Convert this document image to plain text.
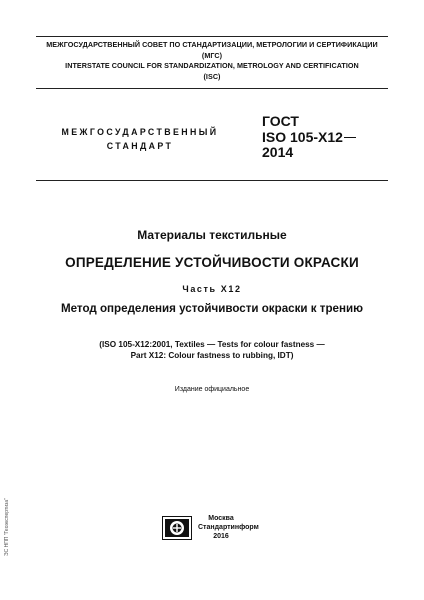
МЕЖГОСУДАРСТВЕННЫЙ СОВЕТ ПО СТАНДАРТИЗАЦИИ, МЕТРОЛОГИИ И СЕРТИФИКАЦИИ
(МГС)
INTERSTATE COUNCIL FOR STANDARDIZATION, METROLOGY AND CERTIFICATION
(ISC)
МЕЖГОСУДАРСТВЕННЫЙ
СТАНДАРТ
ГОСТ
ISO 105-X12
2014
Материалы текстильные
ОПРЕДЕЛЕНИЕ УСТОЙЧИВОСТИ ОКРАСКИ
Часть X12
Метод определения устойчивости окраски к трению
(ISO 105-X12:2001, Textiles — Tests for colour fastness —
Part X12: Colour fastness to rubbing, IDT)
Издание официальное
Москва
Стандартинформ
2016
ЭС НПП "Геоэкспертиза"
